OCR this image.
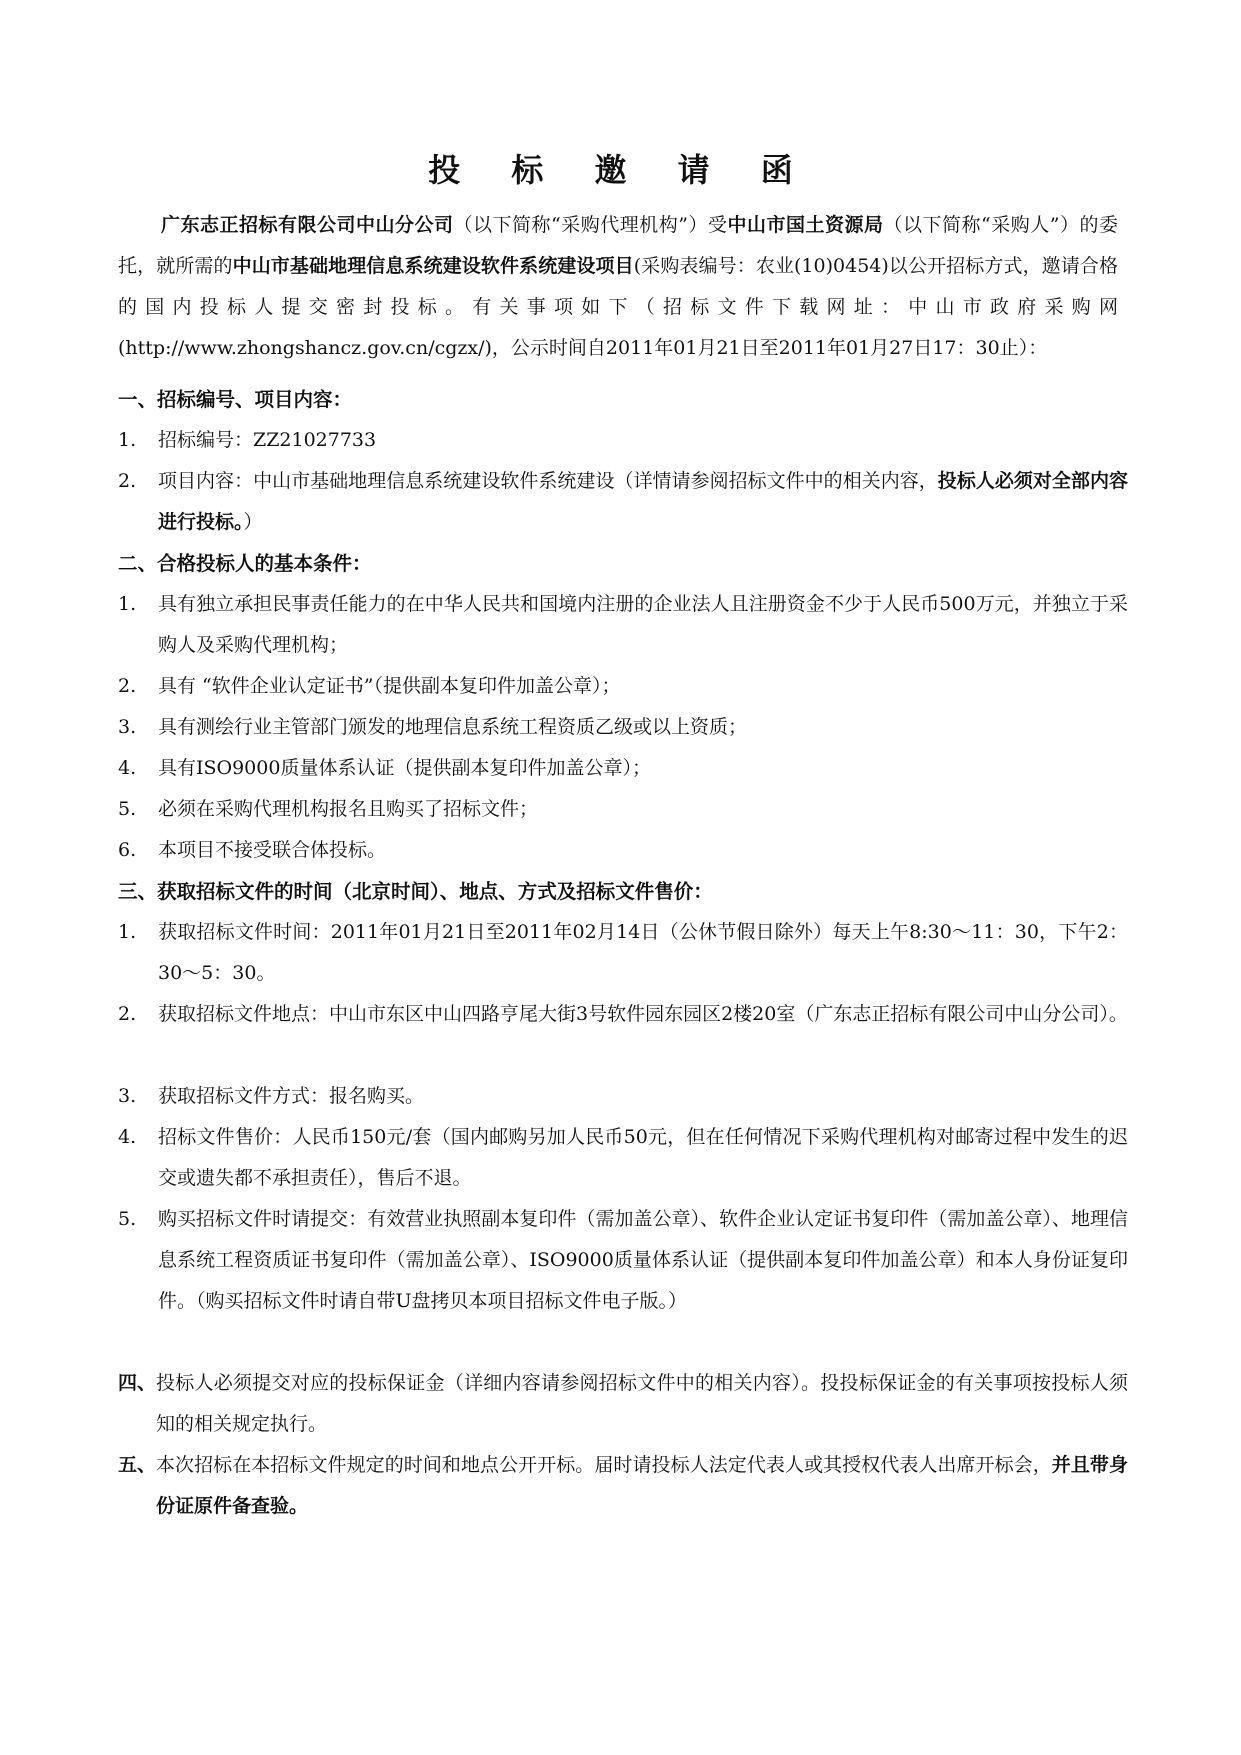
投 标 邀 请 函

广东志正招标有限公司中山分公司（以下简称“采购代理机构”）受中山市国土资源局（以下简称“采购人”）的委托，就所需的中山市基础地理信息系统建设软件系统建设项目(采购表编号：农业(10)0454)以公开招标方式，邀请合格的国内投标人提交密封投标。有关事项如下（招标文件下载网址：中山市政府采购网(http://www.zhongshancz.gov.cn/cgzx/)，公示时间自2011年01月21日至2011年01月27日17：30止）：

一、招标编号、项目内容：
1.	招标编号：ZZ21027733
2.	项目内容：中山市基础地理信息系统建设软件系统建设（详情请参阅招标文件中的相关内容，投标人必须对全部内容进行投标。）
二、合格投标人的基本条件：
1.	具有独立承担民事责任能力的在中华人民共和国境内注册的企业法人且注册资金不少于人民币500万元，并独立于采购人及采购代理机构；
2.	具有 “软件企业认定证书”（提供副本复印件加盖公章）；
3.	具有测绘行业主管部门颁发的地理信息系统工程资质乙级或以上资质；
4.	具有ISO9000质量体系认证（提供副本复印件加盖公章）；
5.	必须在采购代理机构报名且购买了招标文件；
6.	本项目不接受联合体投标。
三、获取招标文件的时间（北京时间）、地点、方式及招标文件售价：
1.	获取招标文件时间：2011年01月21日至2011年02月14日（公休节假日除外）每天上午8:30～11：30，下午2：30～5：30。
2.	获取招标文件地点：中山市东区中山四路亨尾大街3号软件园东园区2楼20室（广东志正招标有限公司中山分公司）。
3.	获取招标文件方式：报名购买。
4.	招标文件售价：人民币150元/套（国内邮购另加人民币50元，但在任何情况下采购代理机构对邮寄过程中发生的迟交或遗失都不承担责任），售后不退。
5.	购买招标文件时请提交：有效营业执照副本复印件（需加盖公章）、软件企业认定证书复印件（需加盖公章）、地理信息系统工程资质证书复印件（需加盖公章）、ISO9000质量体系认证（提供副本复印件加盖公章）和本人身份证复印件。（购买招标文件时请自带U盘拷贝本项目招标文件电子版。）
四、 投标人必须提交对应的投标保证金（详细内容请参阅招标文件中的相关内容）。投投标保证金的有关事项按投标人须知的相关规定执行。
五、 本次招标在本招标文件规定的时间和地点公开开标。届时请投标人法定代表人或其授权代表人出席开标会，并且带身份证原件备查验。
